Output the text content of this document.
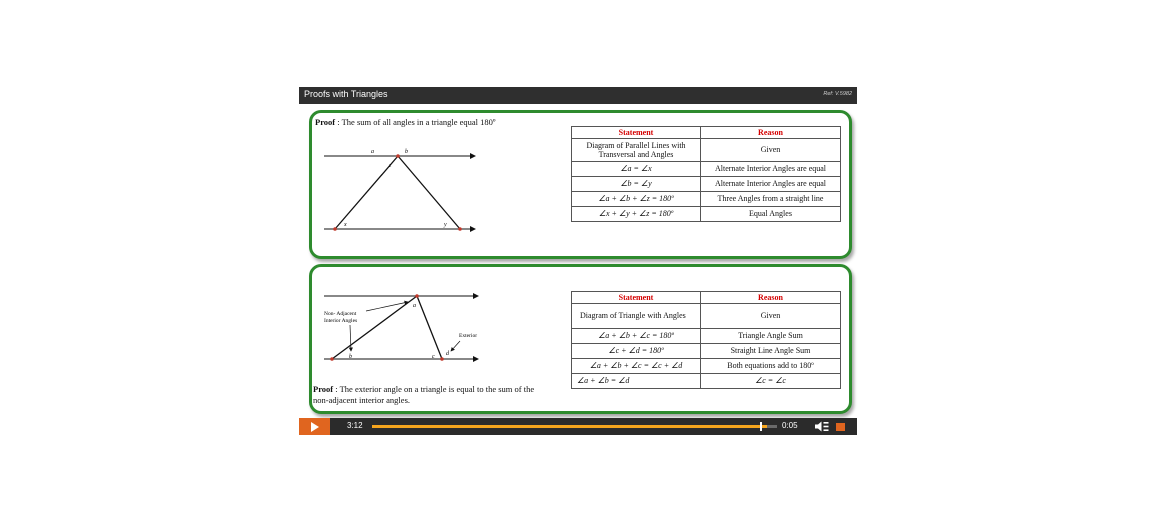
Proofs with Triangles	Ref: V.5982
Proof : The sum of all angles in a triangle equal 180º
a	b
z
x	y
Statement	Reason
Diagram of Parallel Lines with Transversal and Angles	Given
∠a = ∠x	Alternate Interior Angles are equal
∠b = ∠y	Alternate Interior Angles are equal
∠a + ∠b + ∠z = 180º	Three Angles from a straight line
∠x + ∠y + ∠z = 180º	Equal Angles
Non- Adjacent
Interior Angles
Exterior
a
b	c d
Proof : The exterior angle on a triangle is equal to the sum of the non-adjacent interior angles.
Statement	Reason
Diagram of Triangle with Angles	Given
∠a + ∠b + ∠c = 180º	Triangle Angle Sum
∠c + ∠d = 180º	Straight Line Angle Sum
∠a + ∠b + ∠c = ∠c + ∠d	Both equations add to 180º
∠a + ∠b = ∠d	∠c = ∠c
3:12	0:05
